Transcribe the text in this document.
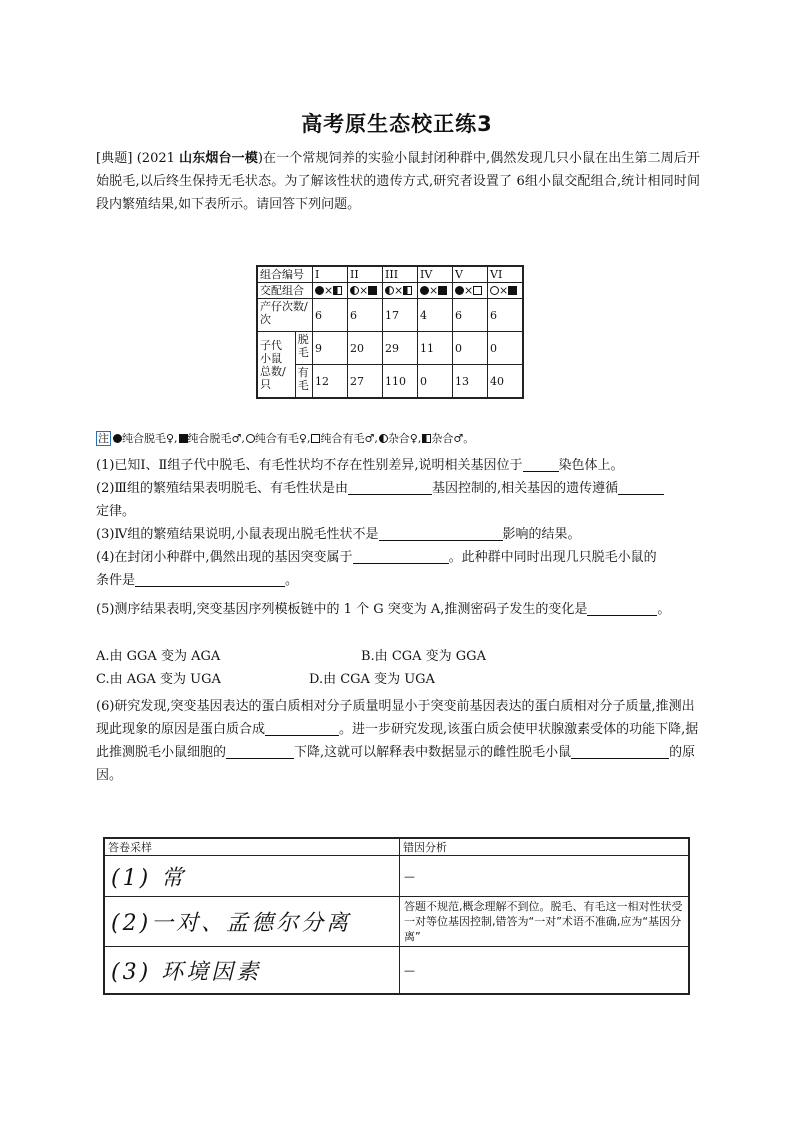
高考原生态校正练3
[典题] (2021 山东烟台一模)在一个常规饲养的实验小鼠封闭种群中,偶然发现几只小鼠在出生第二周后开始脱毛,以后终生保持无毛状态。为了解该性状的遗传方式,研究者设置了 6组小鼠交配组合,统计相同时间段内繁殖结果,如下表所示。请回答下列问题。
组合编号		I	II	III	IV	V	VI
交配组合		×	×	×	×	×	×
产仔次数/次		6	6	17	4	6	6
子代小鼠总数/只	脱毛	9	20	29	11	0	0
	有毛	12	27	110	0	13	40
注 纯合脱毛♀, 纯合脱毛♂, 纯合有毛♀, 纯合有毛♂, 杂合♀, 杂合♂。
(1)已知Ⅰ、Ⅱ组子代中脱毛、有毛性状均不存在性别差异,说明相关基因位于	染色体上。
(2)Ⅲ组的繁殖结果表明脱毛、有毛性状是由	基因控制的,相关基因的遗传遵循
定律。
(3)Ⅳ组的繁殖结果说明,小鼠表现出脱毛性状不是	影响的结果。
(4)在封闭小种群中,偶然出现的基因突变属于	。此种群中同时出现几只脱毛小鼠的
条件是	。
(5)测序结果表明,突变基因序列模板链中的 1 个 G 突变为 A,推测密码子发生的变化是	。
A.由 GGA 变为 AGA	B.由 CGA 变为 GGA
C.由 AGA 变为 UGA	D.由 CGA 变为 UGA
(6)研究发现,突变基因表达的蛋白质相对分子质量明显小于突变前基因表达的蛋白质相对分子质量,推测出现此现象的原因是蛋白质合成	。进一步研究发现,该蛋白质会使甲状腺激素受体的功能下降,据此推测脱毛小鼠细胞的	下降,这就可以解释表中数据显示的雌性脱毛小鼠	的原因。
答卷采样	错因分析
(1) 常	—
(2)一对、孟德尔分离	答题不规范,概念理解不到位。脱毛、有毛这一相对性状受一对等位基因控制,错答为“一对”术语不准确,应为“基因分离”
(3) 环境因素	—
